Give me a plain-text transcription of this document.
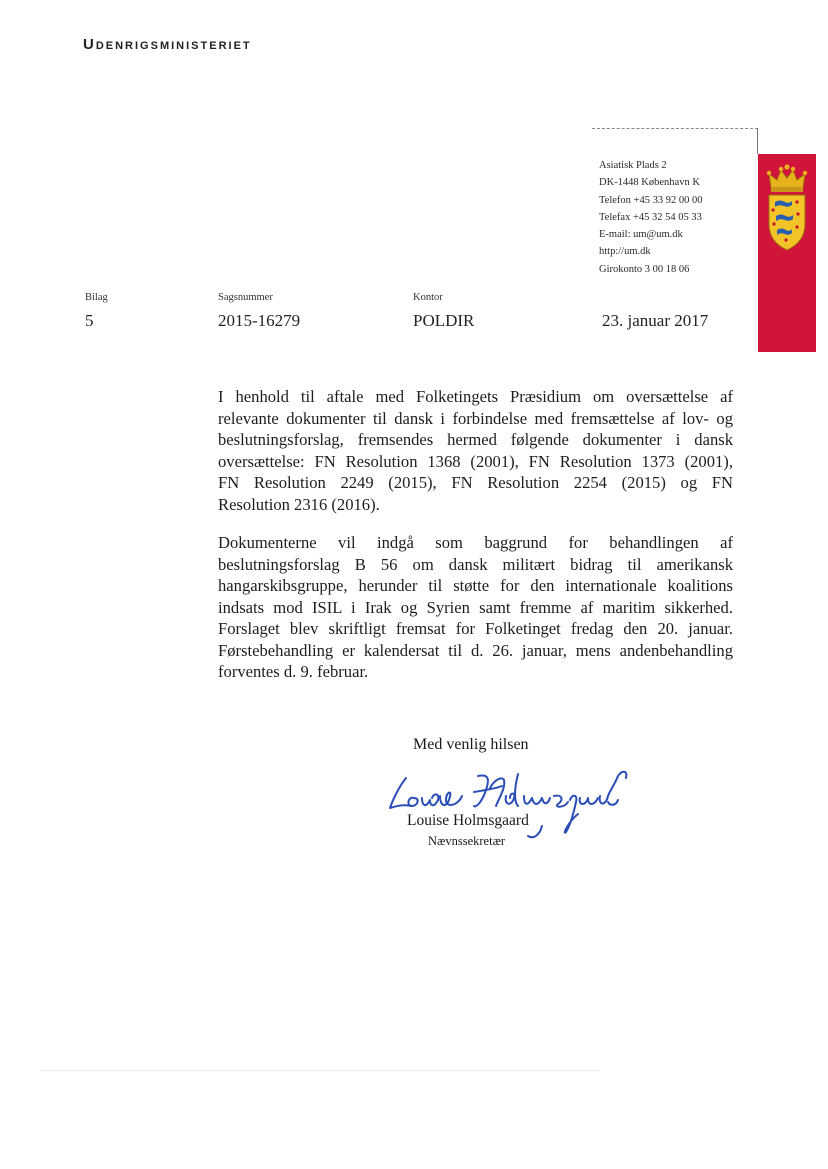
Udenrigsministeriet
Asiatisk Plads 2
DK-1448 København K
Telefon +45 33 92 00 00
Telefax +45 32 54 05 33
E-mail: um@um.dk
http://um.dk
Girokonto 3 00 18 06
Bilag
5
Sagsnummer
2015-16279
Kontor
POLDIR	23. januar 2017
I henhold til aftale med Folketingets Præsidium om oversættelse af
relevante dokumenter til dansk i forbindelse med fremsættelse af lov- og
beslutningsforslag, fremsendes hermed følgende dokumenter i dansk
oversættelse: FN Resolution 1368 (2001), FN Resolution 1373 (2001),
FN Resolution 2249 (2015), FN Resolution 2254 (2015) og FN
Resolution 2316 (2016).
Dokumenterne vil indgå som baggrund for behandlingen af
beslutningsforslag B 56 om dansk militært bidrag til amerikansk
hangarskibsgruppe, herunder til støtte for den internationale koalitions
indsats mod ISIL i Irak og Syrien samt fremme af maritim sikkerhed.
Forslaget blev skriftligt fremsat for Folketinget fredag den 20. januar.
Førstebehandling er kalendersat til d. 26. januar, mens andenbehandling
forventes d. 9. februar.
Med venlig hilsen
Louise Holmsgaard
Nævnssekretær
